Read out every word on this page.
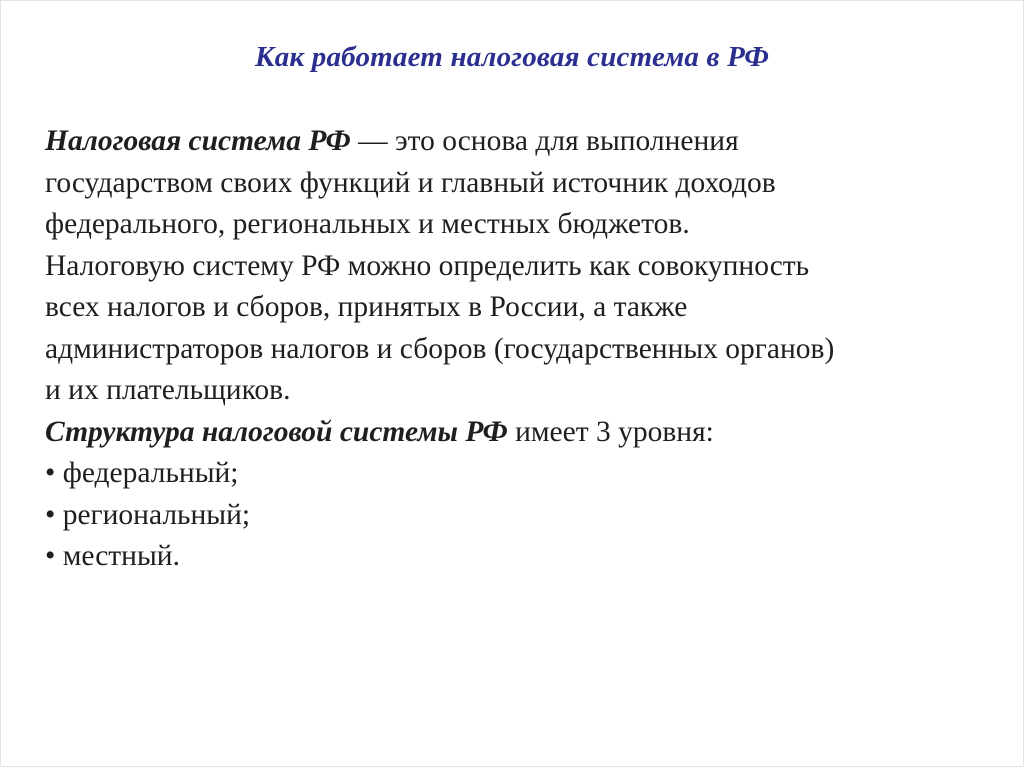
Как работает налоговая система в РФ
Налоговая система РФ — это основа для выполнения
государством своих функций и главный источник доходов
федерального, региональных и местных бюджетов.
Налоговую систему РФ можно определить как совокупность
всех налогов и сборов, принятых в России, а также
администраторов налогов и сборов (государственных органов)
и их плательщиков.
Структура налоговой системы РФ имеет 3 уровня:
• федеральный;
• региональный;
• местный.
